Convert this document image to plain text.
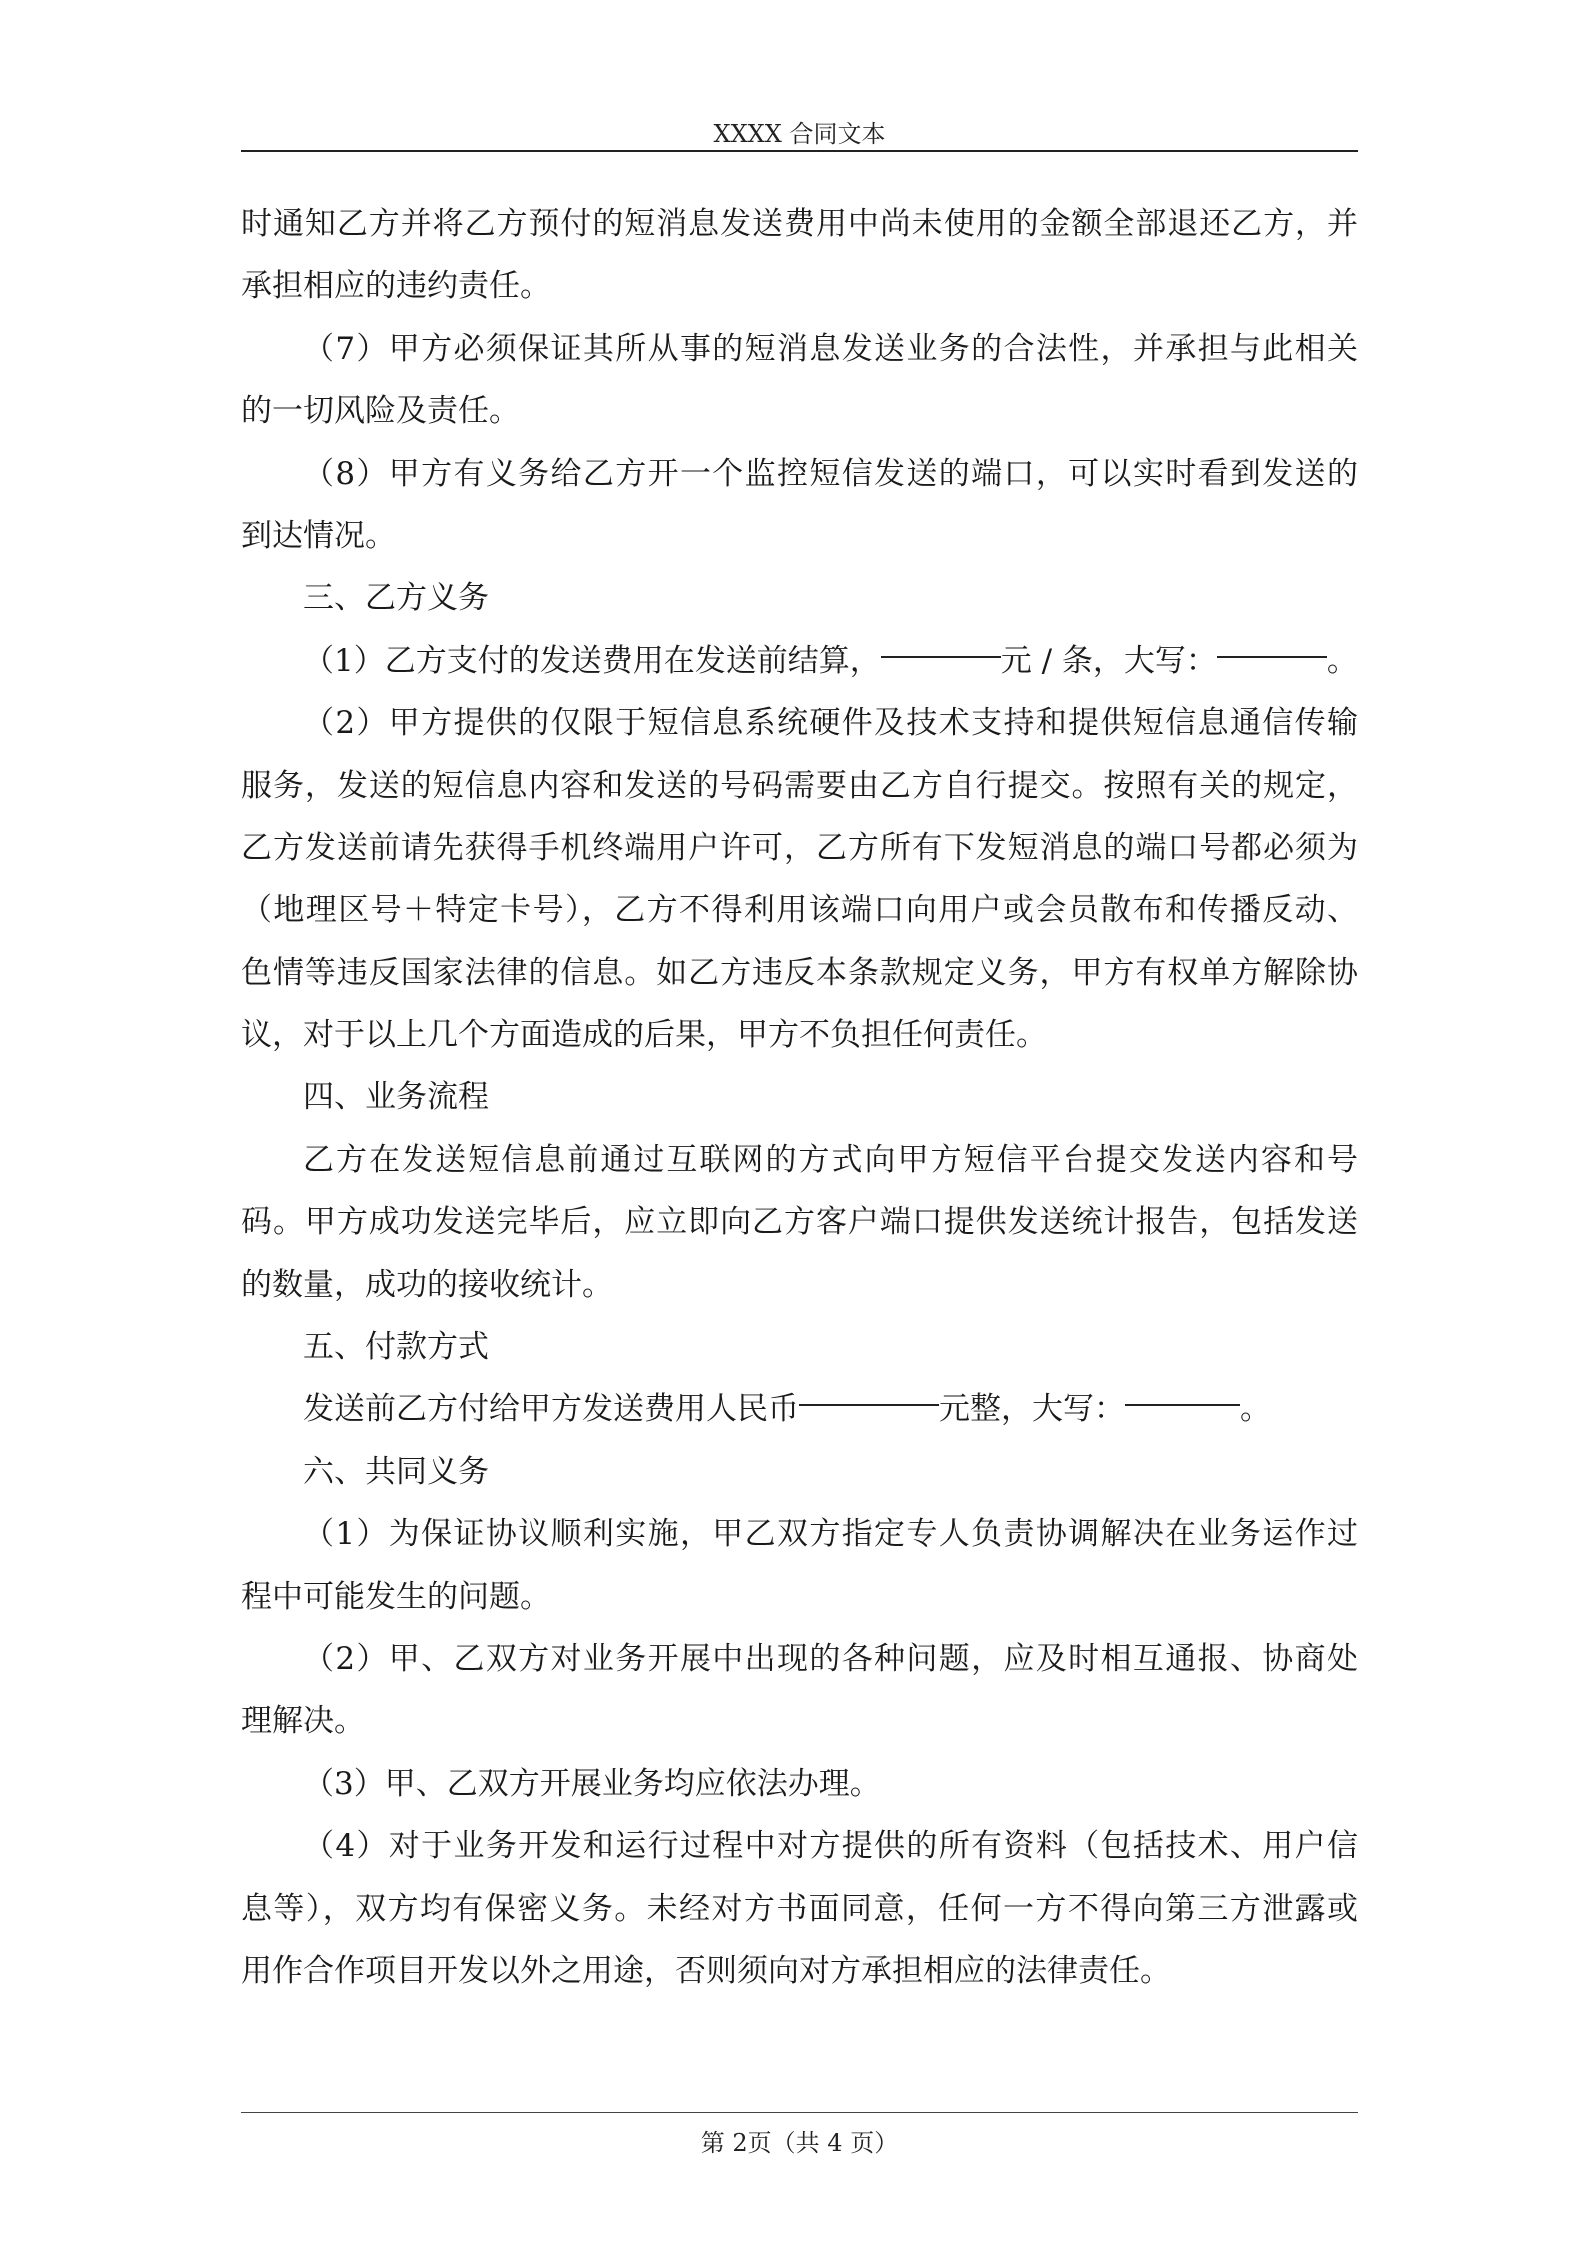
XXXX 合同文本
时通知乙方并将乙方预付的短消息发送费用中尚未使用的金额全部退还乙方，并
承担相应的违约责任。
（7）甲方必须保证其所从事的短消息发送业务的合法性，并承担与此相关
的一切风险及责任。
（8）甲方有义务给乙方开一个监控短信发送的端口，可以实时看到发送的
到达情况。
三、乙方义务
（1）乙方支付的发送费用在发送前结算，	元 / 条，大写：	。
（2）甲方提供的仅限于短信息系统硬件及技术支持和提供短信息通信传输
服务，发送的短信息内容和发送的号码需要由乙方自行提交。按照有关的规定，
乙方发送前请先获得手机终端用户许可，乙方所有下发短消息的端口号都必须为
（地理区号＋特定卡号），乙方不得利用该端口向用户或会员散布和传播反动、
色情等违反国家法律的信息。如乙方违反本条款规定义务，甲方有权单方解除协
议，对于以上几个方面造成的后果，甲方不负担任何责任。
四、业务流程
乙方在发送短信息前通过互联网的方式向甲方短信平台提交发送内容和号
码。甲方成功发送完毕后，应立即向乙方客户端口提供发送统计报告，包括发送
的数量，成功的接收统计。
五、付款方式
发送前乙方付给甲方发送费用人民币	元整，大写：	。
六、共同义务
（1）为保证协议顺利实施，甲乙双方指定专人负责协调解决在业务运作过
程中可能发生的问题。
（2）甲、乙双方对业务开展中出现的各种问题，应及时相互通报、协商处
理解决。
（3）甲、乙双方开展业务均应依法办理。
（4）对于业务开发和运行过程中对方提供的所有资料（包括技术、用户信
息等），双方均有保密义务。未经对方书面同意，任何一方不得向第三方泄露或
用作合作项目开发以外之用途，否则须向对方承担相应的法律责任。
第 2页（共 4 页）
